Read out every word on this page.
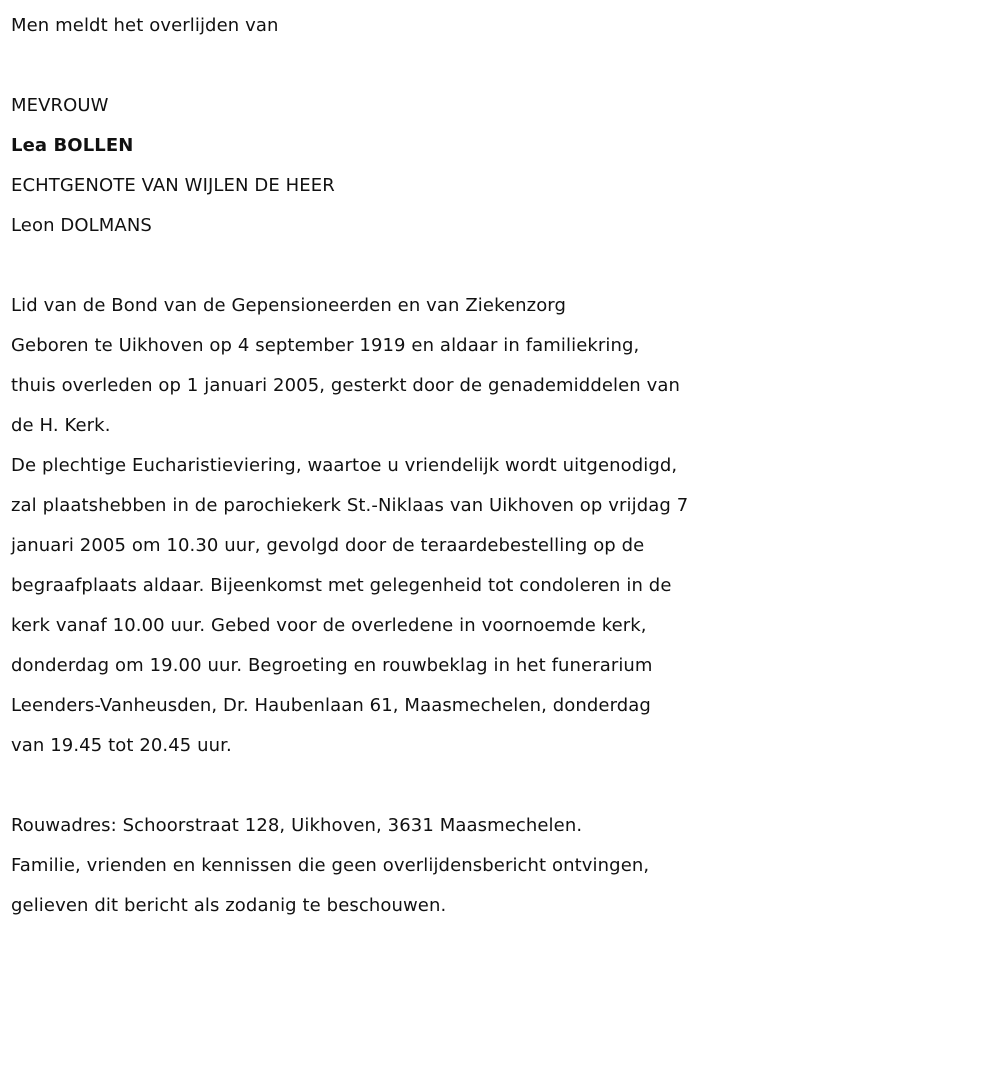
Men meldt het overlijden van

MEVROUW

Lea BOLLEN

ECHTGENOTE VAN WIJLEN DE HEER

Leon DOLMANS

Lid van de Bond van de Gepensioneerden en van Ziekenzorg

Geboren te Uikhoven op 4 september 1919 en aldaar in familiekring,
thuis overleden op 1 januari 2005, gesterkt door de genademiddelen van
de H. Kerk.
De plechtige Eucharistieviering, waartoe u vriendelijk wordt uitgenodigd,
zal plaatshebben in de parochiekerk St.-Niklaas van Uikhoven op vrijdag 7
januari 2005 om 10.30 uur, gevolgd door de teraardebestelling op de
begraafplaats aldaar. Bijeenkomst met gelegenheid tot condoleren in de
kerk vanaf 10.00 uur. Gebed voor de overledene in voornoemde kerk,
donderdag om 19.00 uur. Begroeting en rouwbeklag in het funerarium
Leenders-Vanheusden, Dr. Haubenlaan 61, Maasmechelen, donderdag
van 19.45 tot 20.45 uur.

Rouwadres: Schoorstraat 128, Uikhoven, 3631 Maasmechelen.

Familie, vrienden en kennissen die geen overlijdensbericht ontvingen,
gelieven dit bericht als zodanig te beschouwen.
